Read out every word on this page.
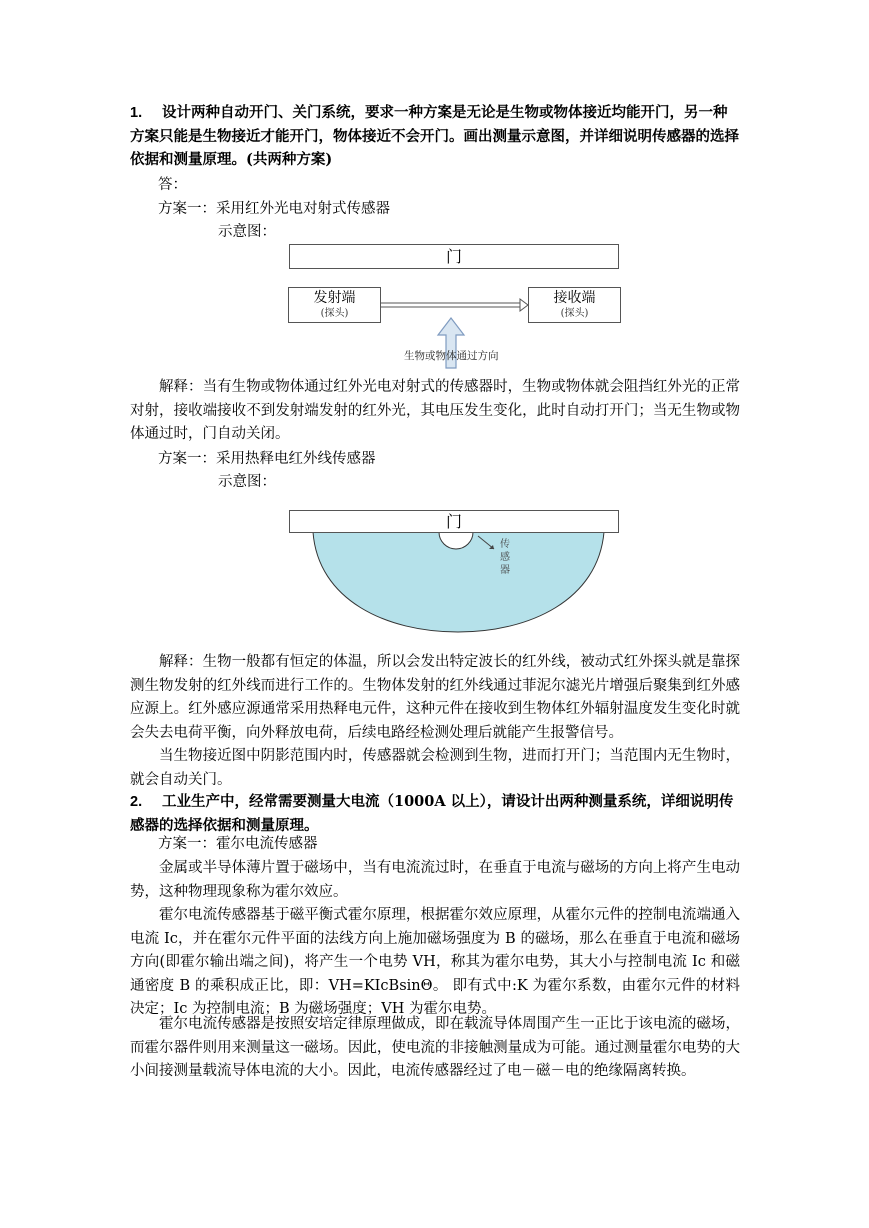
1. 设计两种自动开门、关门系统，要求一种方案是无论是生物或物体接近均能开门，另一种方案只能是生物接近才能开门，物体接近不会开门。画出测量示意图，并详细说明传感器的选择依据和测量原理。(共两种方案)
答：
方案一：采用红外光电对射式传感器
示意图：
门
发射端
(探头)
接收端
(探头)
生物或物体通过方向
解释：当有生物或物体通过红外光电对射式的传感器时，生物或物体就会阻挡红外光的正常对射，接收端接收不到发射端发射的红外光，其电压发生变化，此时自动打开门；当无生物或物体通过时，门自动关闭。
方案一：采用热释电红外线传感器
示意图：
门
传感器
解释：生物一般都有恒定的体温，所以会发出特定波长的红外线，被动式红外探头就是靠探测生物发射的红外线而进行工作的。生物体发射的红外线通过菲泥尔滤光片增强后聚集到红外感应源上。红外感应源通常采用热释电元件，这种元件在接收到生物体红外辐射温度发生变化时就会失去电荷平衡，向外释放电荷，后续电路经检测处理后就能产生报警信号。
当生物接近图中阴影范围内时，传感器就会检测到生物，进而打开门；当范围内无生物时，就会自动关门。
2. 工业生产中，经常需要测量大电流（1000A 以上），请设计出两种测量系统，详细说明传感器的选择依据和测量原理。
方案一：霍尔电流传感器
金属或半导体薄片置于磁场中，当有电流流过时，在垂直于电流与磁场的方向上将产生电动势，这种物理现象称为霍尔效应。
霍尔电流传感器基于磁平衡式霍尔原理，根据霍尔效应原理，从霍尔元件的控制电流端通入电流 Ic，并在霍尔元件平面的法线方向上施加磁场强度为 B 的磁场，那么在垂直于电流和磁场方向(即霍尔输出端之间)，将产生一个电势 VH，称其为霍尔电势，其大小与控制电流 Ic 和磁通密度 B 的乘积成正比，即：VH=KIcBsinΘ。 即有式中:K 为霍尔系数，由霍尔元件的材料决定；Ic 为控制电流；B 为磁场强度；VH 为霍尔电势。
霍尔电流传感器是按照安培定律原理做成，即在载流导体周围产生一正比于该电流的磁场，而霍尔器件则用来测量这一磁场。因此，使电流的非接触测量成为可能。通过测量霍尔电势的大小间接测量载流导体电流的大小。因此，电流传感器经过了电－磁－电的绝缘隔离转换。
